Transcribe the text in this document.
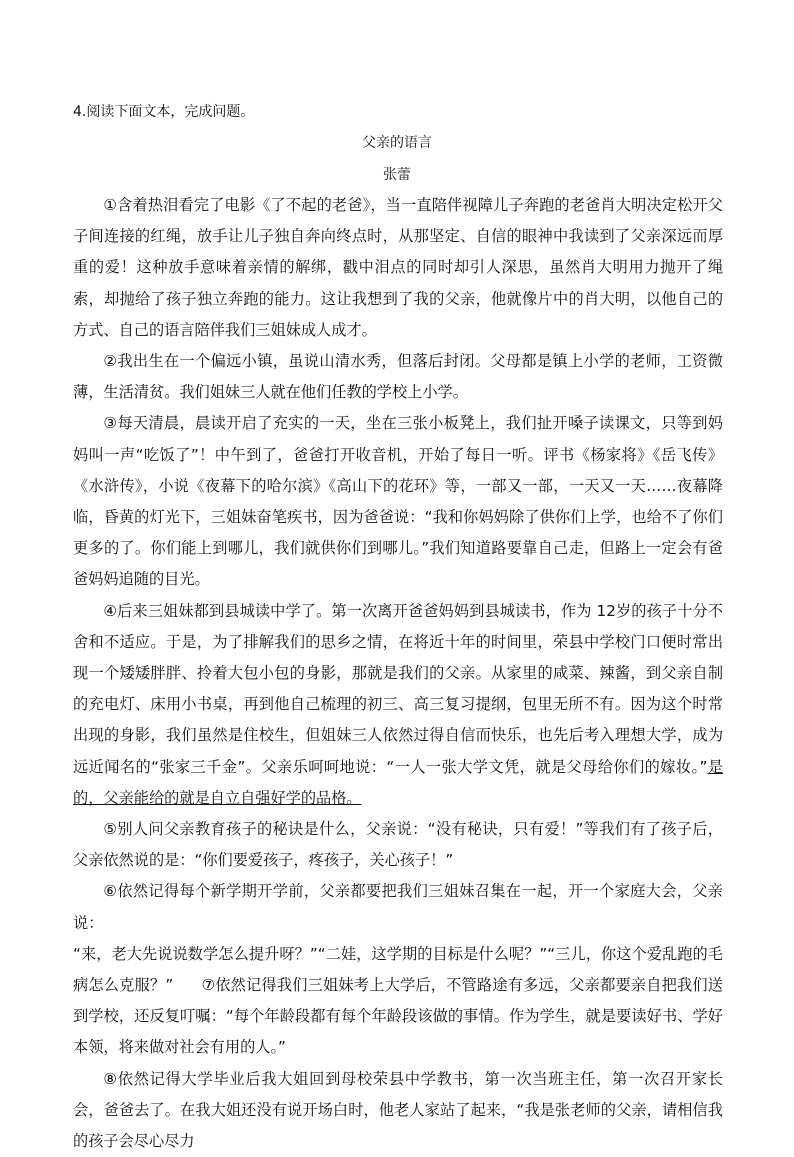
4.阅读下面文本，完成问题。
父亲的语言
张蕾

①含着热泪看完了电影《了不起的老爸》，当一直陪伴视障儿子奔跑的老爸肖大明决定松开父子间连接的红绳，放手让儿子独自奔向终点时，从那坚定、自信的眼神中我读到了父亲深远而厚重的爱！这种放手意味着亲情的解绑，戳中泪点的同时却引人深思，虽然肖大明用力抛开了绳索，却抛给了孩子独立奔跑的能力。这让我想到了我的父亲，他就像片中的肖大明，以他自己的方式、自己的语言陪伴我们三姐妹成人成才。

②我出生在一个偏远小镇，虽说山清水秀，但落后封闭。父母都是镇上小学的老师，工资微薄，生活清贫。我们姐妹三人就在他们任教的学校上小学。

③每天清晨，晨读开启了充实的一天，坐在三张小板凳上，我们扯开嗓子读课文，只等到妈妈叫一声“吃饭了”！中午到了，爸爸打开收音机，开始了每日一听。评书《杨家将》《岳飞传》《水浒传》，小说《夜幕下的哈尔滨》《高山下的花环》等，一部又一部，一天又一天……夜幕降临，昏黄的灯光下，三姐妹奋笔疾书，因为爸爸说：“我和你妈妈除了供你们上学，也给不了你们更多的了。你们能上到哪儿，我们就供你们到哪儿。”我们知道路要靠自己走，但路上一定会有爸爸妈妈追随的目光。

④后来三姐妹都到县城读中学了。第一次离开爸爸妈妈到县城读书，作为 12岁的孩子十分不舍和不适应。于是，为了排解我们的思乡之情，在将近十年的时间里，荣县中学校门口便时常出现一个矮矮胖胖、拎着大包小包的身影，那就是我们的父亲。从家里的咸菜、辣酱，到父亲自制的充电灯、床用小书桌，再到他自己梳理的初三、高三复习提纲，包里无所不有。因为这个时常出现的身影，我们虽然是住校生，但姐妹三人依然过得自信而快乐，也先后考入理想大学，成为远近闻名的“张家三千金”。父亲乐呵呵地说：“一人一张大学文凭，就是父母给你们的嫁妆。”是的，父亲能给的就是自立自强好学的品格。

⑤别人问父亲教育孩子的秘诀是什么，父亲说：“没有秘诀，只有爱！”等我们有了孩子后，父亲依然说的是：“你们要爱孩子，疼孩子，关心孩子！”

⑥依然记得每个新学期开学前，父亲都要把我们三姐妹召集在一起，开一个家庭大会，父亲说：
“来，老大先说说数学怎么提升呀？”“二娃，这学期的目标是什么呢？”“三儿，你这个爱乱跑的毛病怎么克服？” ⑦依然记得我们三姐妹考上大学后，不管路途有多远，父亲都要亲自把我们送到学校，还反复叮嘱：“每个年龄段都有每个年龄段该做的事情。作为学生，就是要读好书、学好本领，将来做对社会有用的人。”

⑧依然记得大学毕业后我大姐回到母校荣县中学教书，第一次当班主任，第一次召开家长会，爸爸去了。在我大姐还没有说开场白时，他老人家站了起来，“我是张老师的父亲，请相信我的孩子会尽心尽力
